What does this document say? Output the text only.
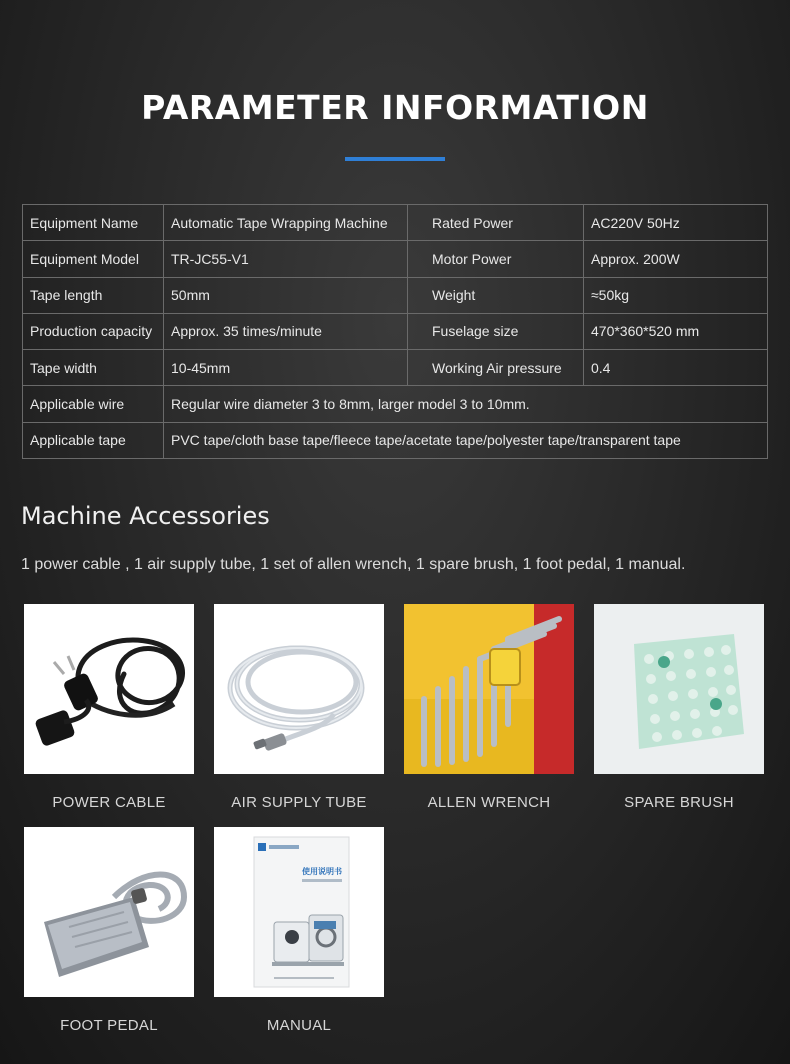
PARAMETER INFORMATION
Equipment Name	Automatic Tape Wrapping Machine	Rated Power	AC220V 50Hz
Equipment Model	TR-JC55-V1	Motor Power	Approx. 200W
Tape length	50mm	Weight	≈50kg
Production capacity	Approx. 35 times/minute	Fuselage size	470*360*520 mm
Tape width	10-45mm	Working Air pressure	0.4
Applicable wire	Regular wire diameter 3 to 8mm, larger model 3 to 10mm.		
Applicable tape	PVC tape/cloth base tape/fleece tape/acetate tape/polyester tape/transparent tape		
Machine Accessories
1 power cable , 1 air supply tube, 1 set of allen wrench, 1 spare brush, 1 foot pedal, 1 manual.
POWER CABLE	AIR SUPPLY TUBE	ALLEN WRENCH	SPARE BRUSH
FOOT PEDAL
使用说明书
MANUAL
